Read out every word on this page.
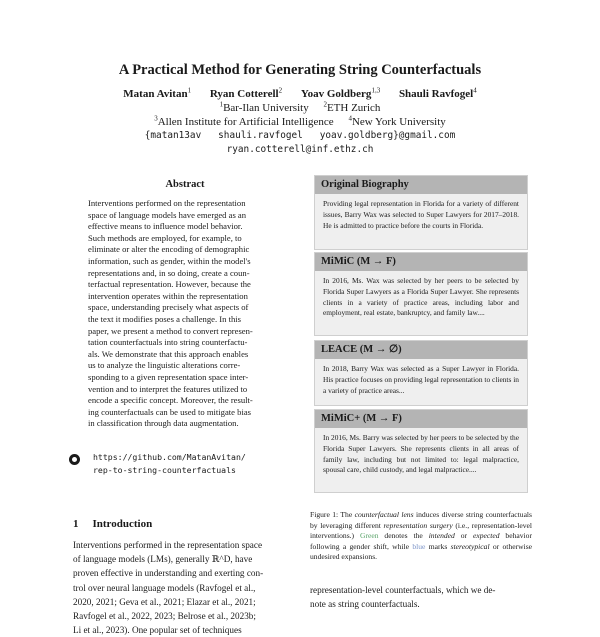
A Practical Method for Generating String Counterfactuals
Matan Avitan$^1$ Ryan Cotterell$^2$ Yoav Goldberg$^{1,3}$ Shauli Ravfogel$^4$
$^1$Bar-Ilan University $^2$ETH Zurich
$^3$Allen Institute for Artificial Intelligence $^4$New York University
{matan13av shauli.ravfogel yoav.goldberg}@gmail.com
ryan.cotterell@inf.ethz.ch
Abstract
Interventions performed on the representation
space of language models have emerged as an
effective means to influence model behavior.
Such methods are employed, for example, to
eliminate or alter the encoding of demographic
information, such as gender, within the model's
representations and, in so doing, create a coun-
terfactual representation. However, because the
intervention operates within the representation
space, understanding precisely what aspects of
the text it modifies poses a challenge. In this
paper, we present a method to convert represen-
tation counterfactuals into string counterfactu-
als. We demonstrate that this approach enables
us to analyze the linguistic alterations corre-
sponding to a given representation space inter-
vention and to interpret the features utilized to
encode a specific concept. Moreover, the result-
ing counterfactuals can be used to mitigate bias
in classification through data augmentation.
https://github.com/MatanAvitan/
rep-to-string-counterfactuals
1 Introduction
Interventions performed in the representation space
of language models (LMs), generally ℝ^D, have
proven effective in understanding and exerting con-
trol over neural language models (Ravfogel et al.,
2020, 2021; Geva et al., 2021; Elazar et al., 2021;
Ravfogel et al., 2022, 2023; Belrose et al., 2023b;
Li et al., 2023). One popular set of techniques
Original Biography
Providing legal representation in Florida for a variety of different issues, Barry Wax was selected to Super Lawyers for 2017–2018. He is admitted to practice before the courts in Florida.
MiMiC (M → F)
In 2016, Ms. Wax was selected by her peers to be selected by Florida Super Lawyers as a Florida Super Lawyer. She represents clients in a variety of practice areas, including labor and employment, real estate, bankruptcy, and family law....
LEACE (M → ∅)
In 2018, Barry Wax was selected as a Super Lawyer in Florida. His practice focuses on providing legal representation to clients in a variety of practice areas...
MiMiC+ (M → F)
In 2016, Ms. Barry was selected by her peers to be selected by the Florida Super Lawyers. She represents clients in all areas of family law, including but not limited to: legal malpractice, spousal care, child custody, and legal malpractice....
Figure 1: The counterfactual lens induces diverse string counterfactuals by leveraging different representation surgery (i.e., representation-level interventions.) Green denotes the intended or expected behavior following a gender shift, while blue marks stereotypical or otherwise undesired expansions.
representation-level counterfactuals, which we de-
note as string counterfactuals.
